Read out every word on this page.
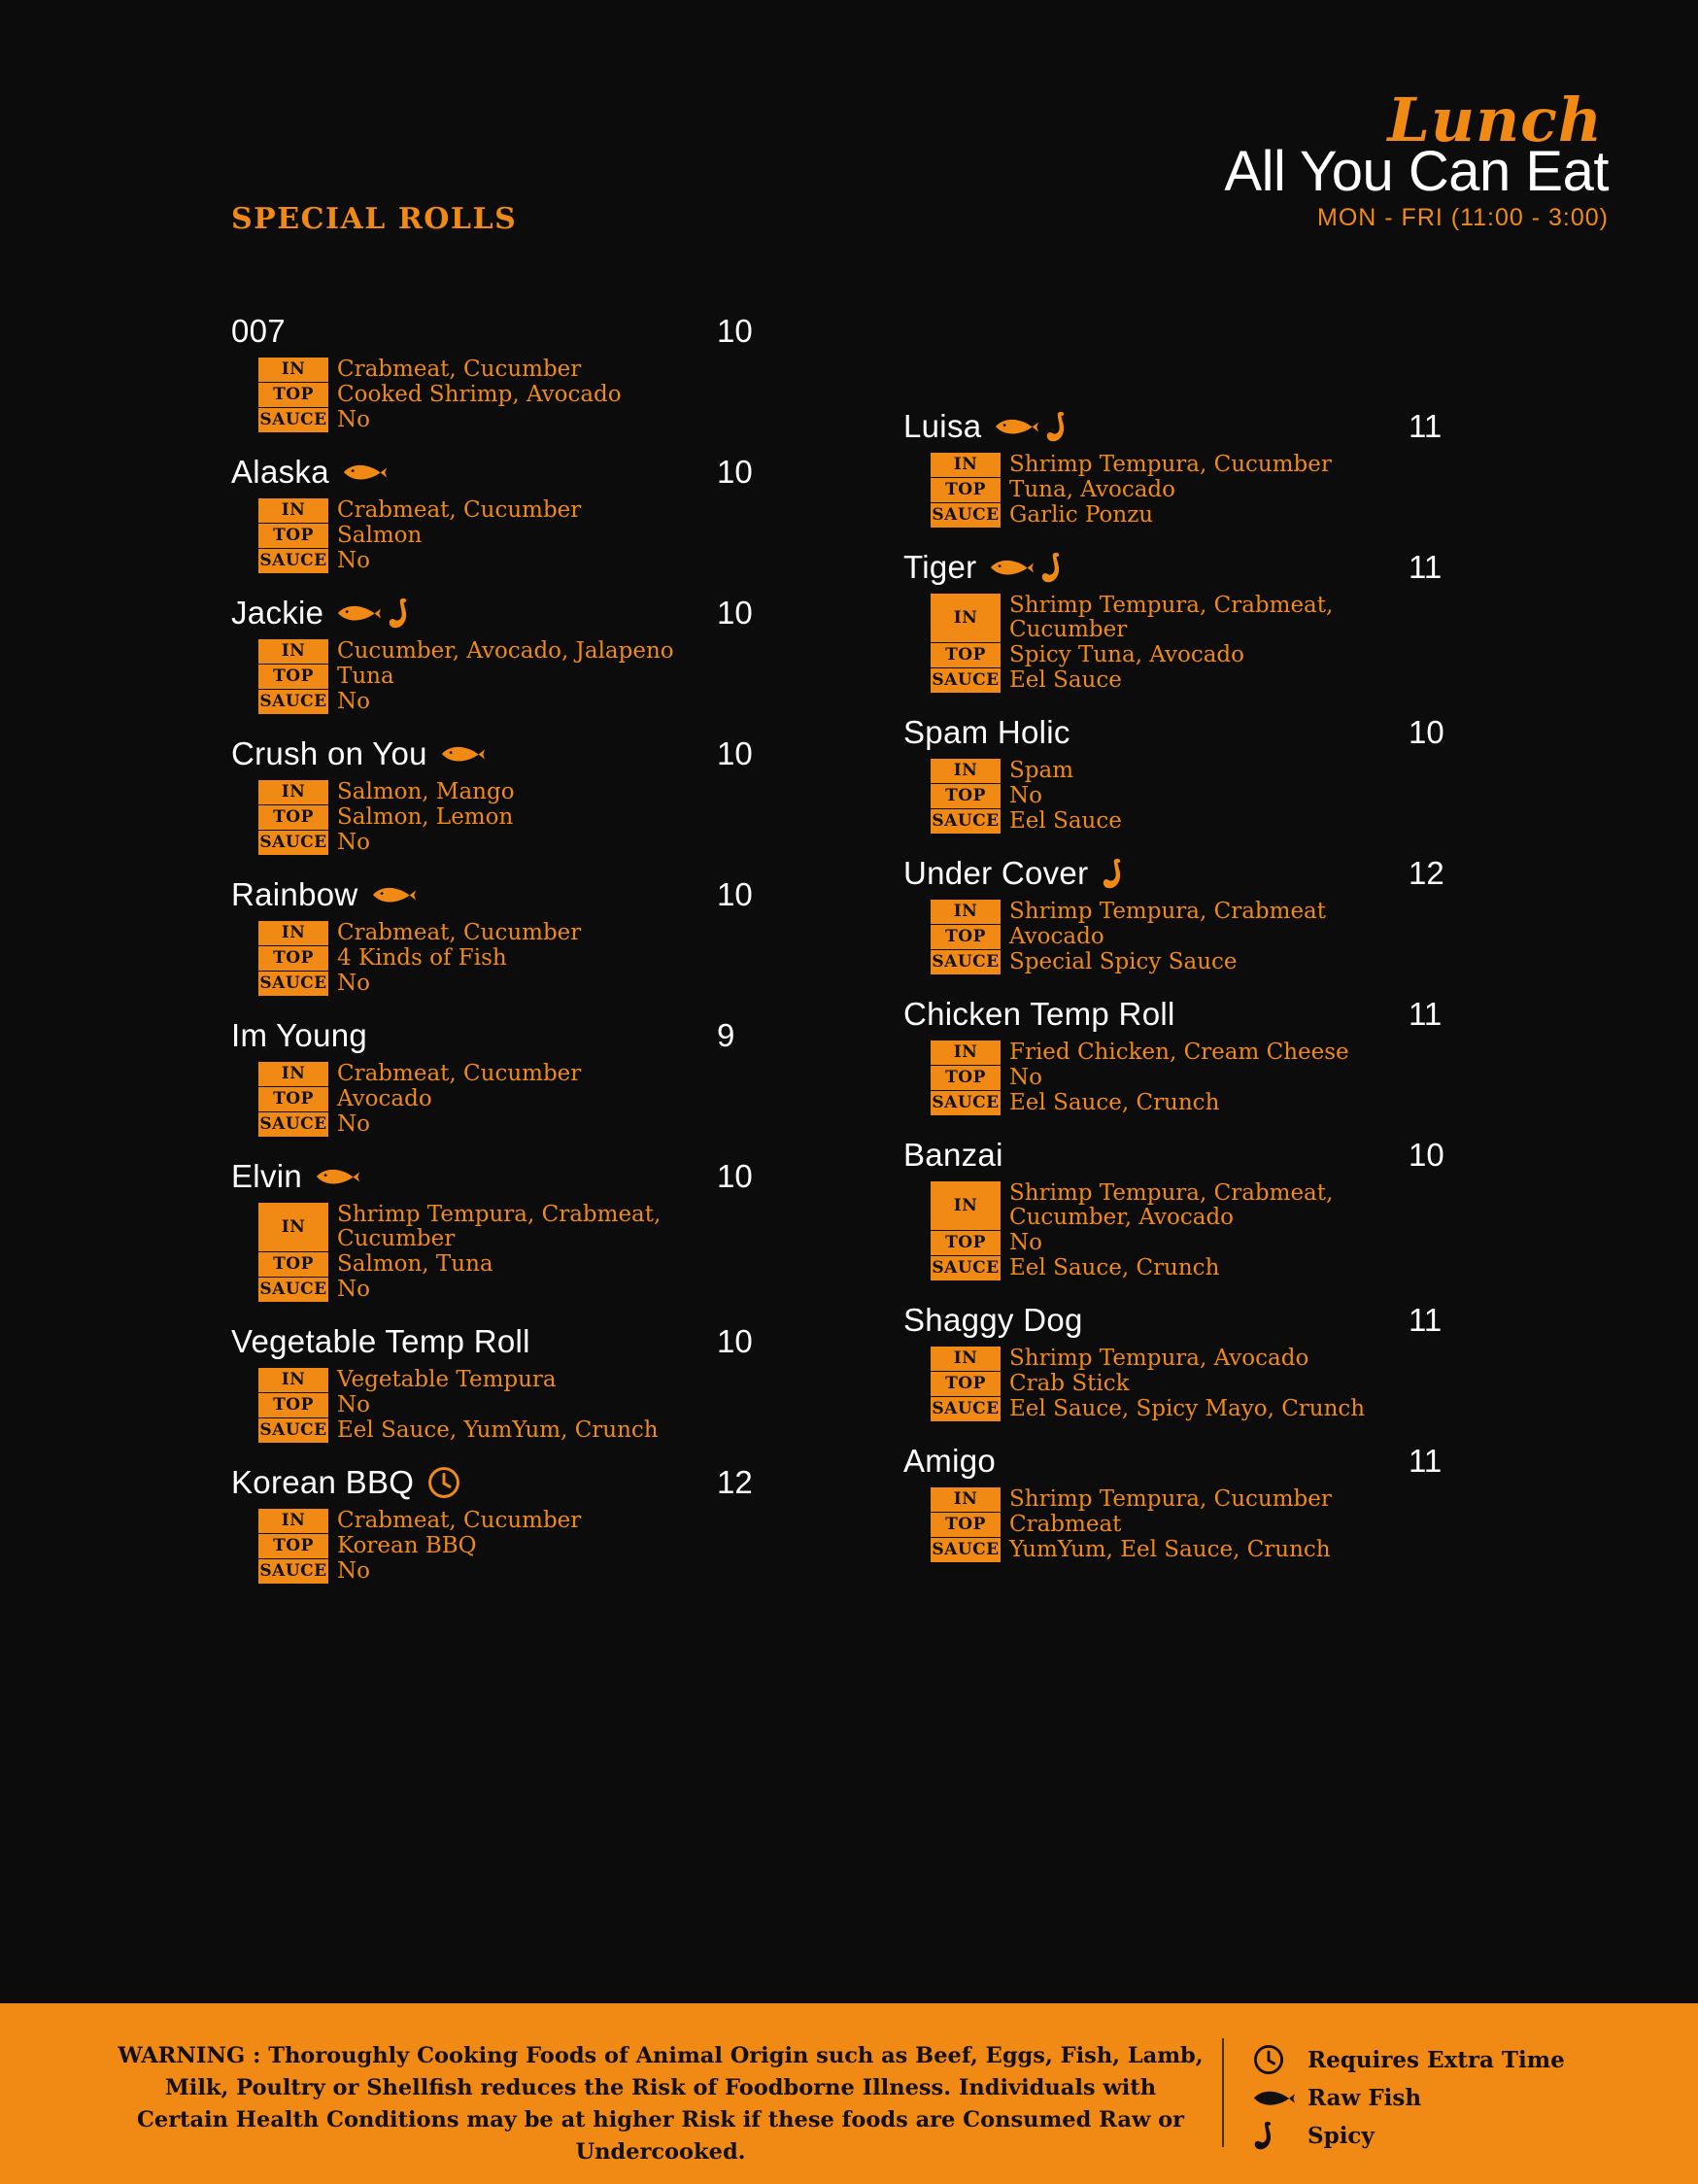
Lunch
All You Can Eat
MON - FRI (11:00 - 3:00)
SPECIAL ROLLS
007	10
IN	Crabmeat, Cucumber
TOP	Cooked Shrimp, Avocado
SAUCE No
Alaska	10
IN	Crabmeat, Cucumber
TOP	Salmon
SAUCE No
Jackie	10
IN	Cucumber, Avocado, Jalapeno
TOP	Tuna
SAUCE No
Crush on You	10
IN	Salmon, Mango
TOP	Salmon, Lemon
SAUCE No
Rainbow	10
IN	Crabmeat, Cucumber
TOP	4 Kinds of Fish
SAUCE No
Im Young	9
IN	Crabmeat, Cucumber
TOP	Avocado
SAUCE No
Elvin	10
IN	Shrimp Tempura, Crabmeat, Cucumber
TOP	Salmon, Tuna
SAUCE No
Vegetable Temp Roll	10
IN	Vegetable Tempura
TOP	No
SAUCE Eel Sauce, YumYum, Crunch
Korean BBQ	12
IN	Crabmeat, Cucumber
TOP	Korean BBQ
SAUCE No
Luisa	11
IN	Shrimp Tempura, Cucumber
TOP	Tuna, Avocado
SAUCE Garlic Ponzu
Tiger	11
IN	Shrimp Tempura, Crabmeat, Cucumber
TOP	Spicy Tuna, Avocado
SAUCE Eel Sauce
Spam Holic	10
IN	Spam
TOP	No
SAUCE Eel Sauce
Under Cover	12
IN	Shrimp Tempura, Crabmeat
TOP	Avocado
SAUCE Special Spicy Sauce
Chicken Temp Roll	11
IN	Fried Chicken, Cream Cheese
TOP	No
SAUCE Eel Sauce, Crunch
Banzai	10
IN	Shrimp Tempura, Crabmeat, Cucumber, Avocado
TOP	No
SAUCE Eel Sauce, Crunch
Shaggy Dog	11
IN	Shrimp Tempura, Avocado
TOP	Crab Stick
SAUCE Eel Sauce, Spicy Mayo, Crunch
Amigo	11
IN	Shrimp Tempura, Cucumber
TOP	Crabmeat
SAUCE YumYum, Eel Sauce, Crunch
WARNING : Thoroughly Cooking Foods of Animal Origin such as Beef, Eggs, Fish, Lamb, Milk, Poultry or Shellfish reduces the Risk of Foodborne Illness. Individuals with Certain Health Conditions may be at higher Risk if these foods are Consumed Raw or Undercooked.
Requires Extra Time
Raw Fish
Spicy
